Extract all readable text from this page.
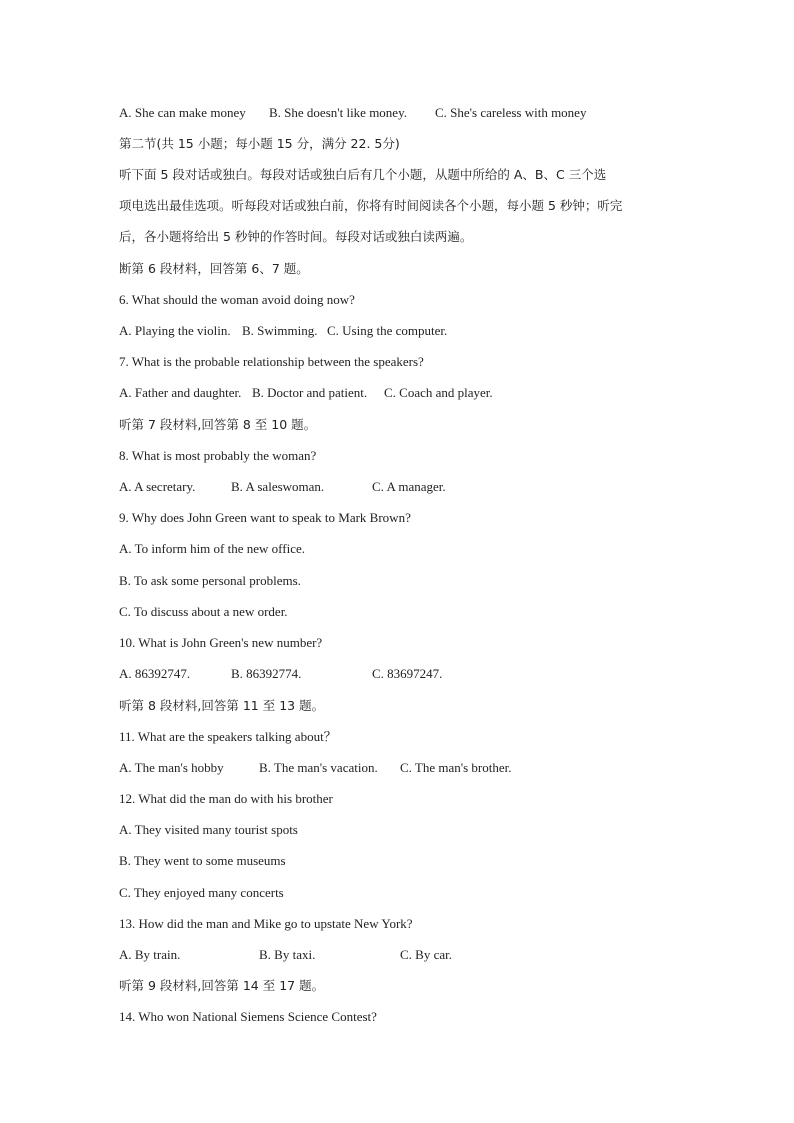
A. She can make money B. She doesn't like money. C. She's careless with money
第二节(共 15 小题；每小题 15 分，满分 22. 5分)
听下面 5 段对话或独白。每段对话或独白后有几个小题，从题中所给的 A、B、C 三个选
项电选出最佳选项。听每段对话或独白前，你将有时间阅读各个小题，每小题 5 秒钟；听完
后，各小题将给出 5 秒钟的作答时间。每段对话或独白读两遍。
断第 6 段材料，回答第 6、7 题。
6. What should the woman avoid doing now?
A. Playing the violin. B. Swimming. C. Using the computer.
7. What is the probable relationship between the speakers?
A. Father and daughter. B. Doctor and patient. C. Coach and player.
听第 7 段材料,回答第 8 至 10 题。
8. What is most probably the woman?
A. A secretary.	B. A saleswoman.	C. A manager.
9. Why does John Green want to speak to Mark Brown?
A. To inform him of the new office.
B. To ask some personal problems.
C. To discuss about a new order.
10. What is John Green's new number?
A. 86392747.	B. 86392774.	C. 83697247.
听第 8 段材料,回答第 11 至 13 题。
11. What are the speakers talking about？
A. The man's hobby	B. The man's vacation. C. The man's brother.
12. What did the man do with his brother
A. They visited many tourist spots
B. They went to some museums
C. They enjoyed many concerts
13. How did the man and Mike go to upstate New York?
A. By train.	B. By taxi.	C. By car.
听第 9 段材料,回答第 14 至 17 题。
14. Who won National Siemens Science Contest?
